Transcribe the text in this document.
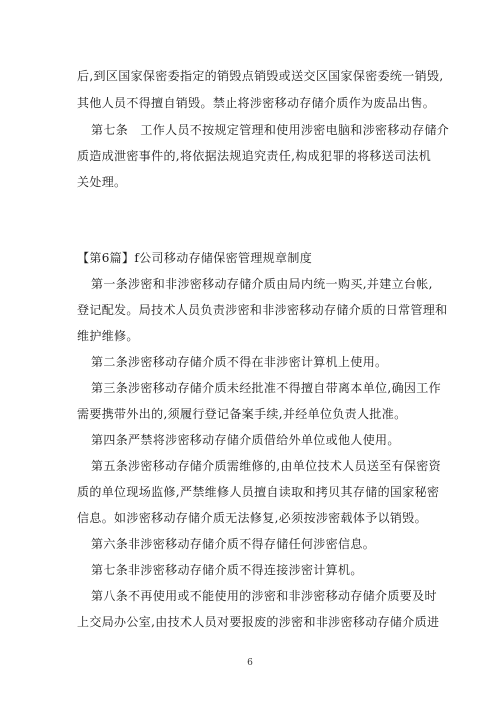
后,到区国家保密委指定的销毁点销毁或送交区国家保密委统一销毁,
其他人员不得擅自销毁。禁止将涉密移动存储介质作为废品出售。
第七条　工作人员不按规定管理和使用涉密电脑和涉密移动存储介
质造成泄密事件的,将依据法规追究责任,构成犯罪的将移送司法机
关处理。
【第6篇】f公司移动存储保密管理规章制度
第一条涉密和非涉密移动存储介质由局内统一购买,并建立台帐,
登记配发。局技术人员负责涉密和非涉密移动存储介质的日常管理和
维护维修。
第二条涉密移动存储介质不得在非涉密计算机上使用。
第三条涉密移动存储介质未经批准不得擅自带离本单位,确因工作
需要携带外出的,须履行登记备案手续,并经单位负责人批准。
第四条严禁将涉密移动存储介质借给外单位或他人使用。
第五条涉密移动存储介质需维修的,由单位技术人员送至有保密资
质的单位现场监修,严禁维修人员擅自读取和拷贝其存储的国家秘密
信息。如涉密移动存储介质无法修复,必须按涉密载体予以销毁。
第六条非涉密移动存储介质不得存储任何涉密信息。
第七条非涉密移动存储介质不得连接涉密计算机。
第八条不再使用或不能使用的涉密和非涉密移动存储介质要及时
上交局办公室,由技术人员对要报废的涉密和非涉密移动存储介质进
6
